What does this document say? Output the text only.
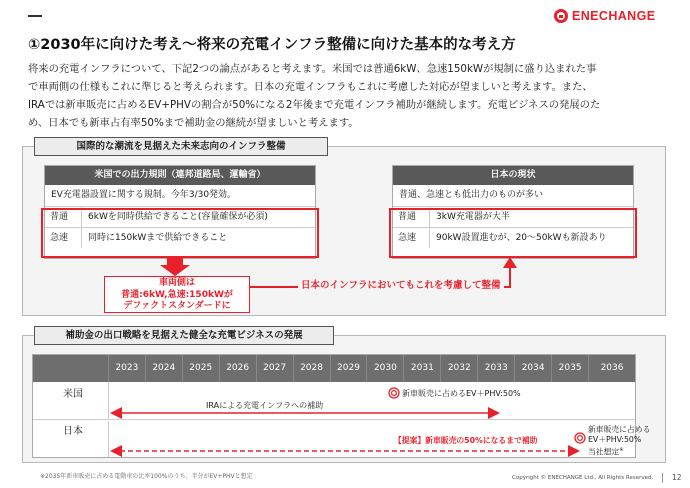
ENECHANGE
①2030年に向けた考え～将来の充電インフラ整備に向けた基本的な考え方
将来の充電インフラについて、下記2つの論点があると考えます。米国では普通6kW、急速150kWが規制に盛り込まれた事
で車両側の仕様もこれに準じると考えられます。日本の充電インフラもこれに考慮した対応が望ましいと考えます。また、
IRAでは新車販売に占めるEV+PHVの割合が50%になる2年後まで充電インフラ補助が継続します。充電ビジネスの発展のた
め、日本でも新車占有率50%まで補助金の継続が望ましいと考えます。
国際的な潮流を見据えた未来志向のインフラ整備
米国での出力規則（連邦道路局、運輸省）
EV充電器設置に関する規制。今年3/30発効。
普通	6kWを同時供給できること(容量確保が必須)
急速	同時に150kWまで供給できること
日本の現状
普通、急速とも低出力のものが多い
普通	3kW充電器が大半
急速	90kW設置進むが、20～50kWも新設あり
車両側は
普通:6kW,急速:150kWが
デファクトスタンダードに
日本のインフラにおいてもこれを考慮して整備
補助金の出口戦略を見据えた健全な充電ビジネスの発展
2023	2024	2025	2026	2027	2028	2029	2030	2031	2032	2033	2034	2035	2036
米国
日本
IRAによる充電インフラへの補助
新車販売に占めるEV＋PHV:50%
【提案】新車販売の50%になるまで補助
新車販売に占める
EV＋PHV:50%
当社想定※
※2035年新車販売に占める電動車の比率100%のうち、半分がEV+PHVと想定	Copyright © ENECHANGE Ltd., All Rights Reserved.	12
